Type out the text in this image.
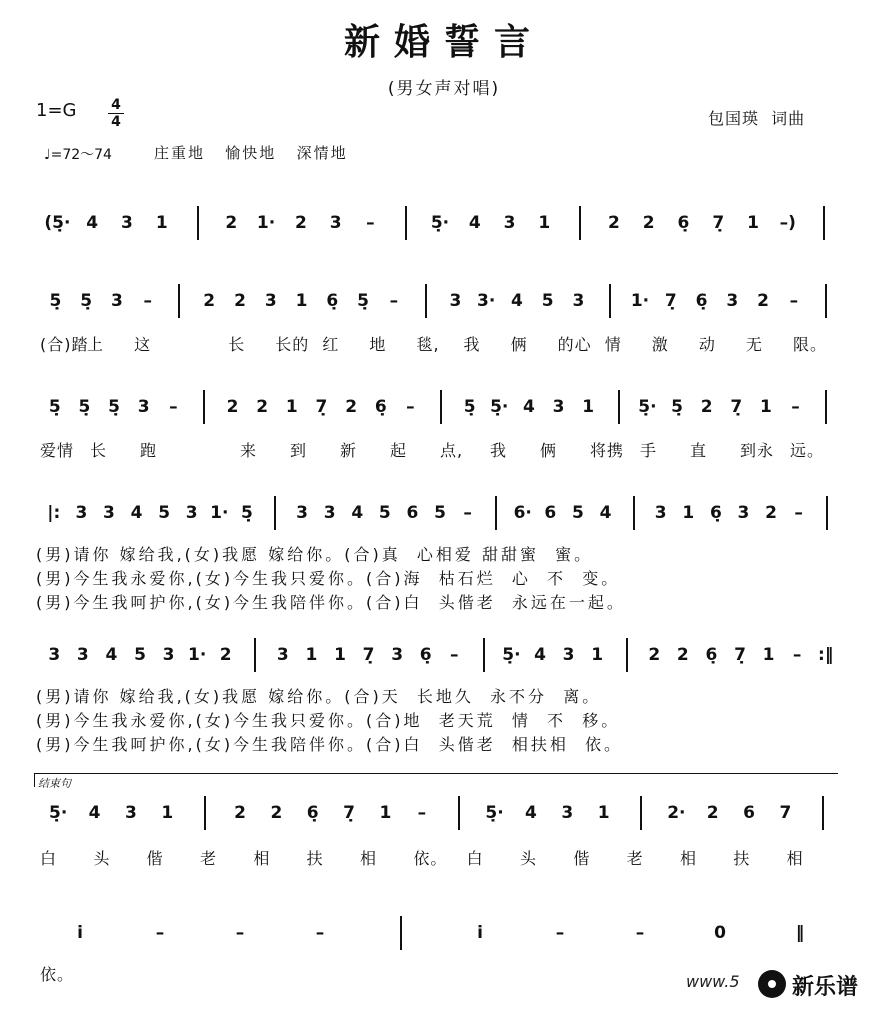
新婚誓言
(男女声对唱)
1=G 4
4	包国瑛  词曲
♩=72～74	庄重地   愉快地   深情地
(5̣· 4	3	1	2	1·	2	3	–	5̣·	4	3	1	2	2	6̣	7̣	1	–)
5̣	5̣	3	–	2	2	3	1	6̣	5̣	–	3 3· 4	5	3	1· 7̣	6̣	3	2	–
(合)踏
上 这	长 长的 红 地 毯, 我 俩 的心 情 激 动 无 限。
5̣	5̣	5̣	3	–	2	2	1	7̣	2	6̣	–	5̣ 5̣· 4	3	1	5̣· 5̣	2	7̣	1	–
爱情 长 跑	来 到 新 起 点, 我 俩 将携 手 直 到永 远。
|: 3 3 4 5 3 1· 5̣	3 3 4 5 6 5	–	6· 6 5 4	3 1 6̣ 3 2	–
(男)请你 嫁给我,(女)我愿 嫁给你。(合)真  心相爱 甜甜蜜  蜜。
(男)今生我永爱你,(女)今生我只爱你。(合)海  枯石烂  心  不  变。
(男)今生我呵护你,(女)今生我陪伴你。(合)白  头偕老  永远在一起。
3 3 4 5 3 1· 2	3 1 1 7̣ 3 6̣	–	5̣· 4 3 1	2 2 6̣ 7̣ 1	– :‖
(男)请你 嫁给我,(女)我愿 嫁给你。(合)天  长地久  永不分  离。
(男)今生我永爱你,(女)今生我只爱你。(合)地  老天荒  情  不  移。
(男)今生我呵护你,(女)今生我陪伴你。(合)白  头偕老  相扶相  依。
5̣·	4	3	1	2	2	6̣	7̣	1	–	5̣·	4	3	1	2·	2	6	7
白 头 偕 老 相 扶 相 依。 白 头 偕 老 相 扶 相
i	–	–	–	i	–	–	0	‖
依。
结束句
www.5 新乐谱
